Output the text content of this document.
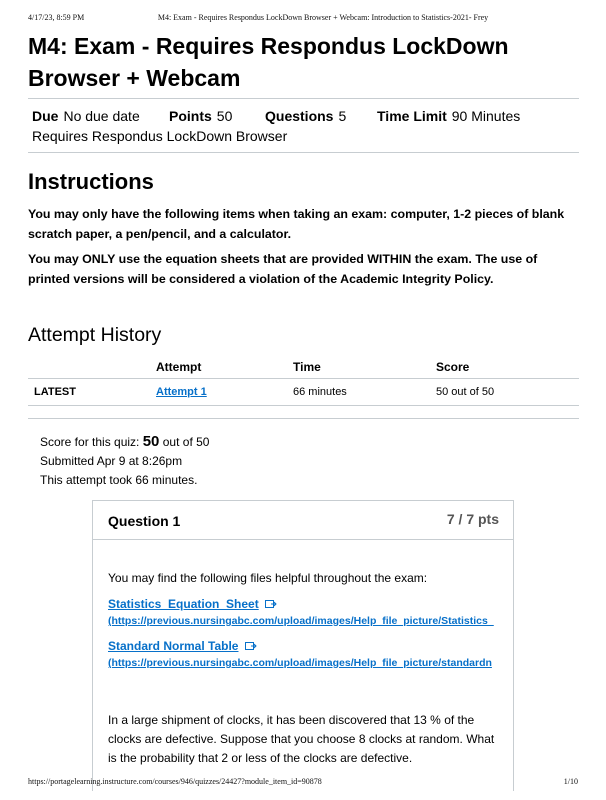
4/17/23, 8:59 PM	M4: Exam - Requires Respondus LockDown Browser + Webcam: Introduction to Statistics-2021- Frey
M4: Exam - Requires Respondus LockDown Browser + Webcam
Due No due date	Points 50	Questions 5	Time Limit 90 Minutes
Requires Respondus LockDown Browser
Instructions

You may only have the following items when taking an exam: computer, 1-2 pieces of blank scratch paper, a pen/pencil, and a calculator.

You may ONLY use the equation sheets that are provided WITHIN the exam. The use of printed versions will be considered a violation of the Academic Integrity Policy.

Attempt History
	Attempt	Time	Score
LATEST	Attempt 1	66 minutes	50 out of 50
Score for this quiz: 50 out of 50
Submitted Apr 9 at 8:26pm
This attempt took 66 minutes.
Question 1	7 / 7 pts

You may find the following files helpful throughout the exam:

Statistics_Equation_Sheet
(https://previous.nursingabc.com/upload/images/Help_file_picture/Statistics_
Standard Normal Table
(https://previous.nursingabc.com/upload/images/Help_file_picture/standardn

In a large shipment of clocks, it has been discovered that 13 % of the clocks are defective. Suppose that you choose 8 clocks at random. What is the probability that 2 or less of the clocks are defective.

https://portagelearning.instructure.com/courses/946/quizzes/24427?module_item_id=90878	1/10
